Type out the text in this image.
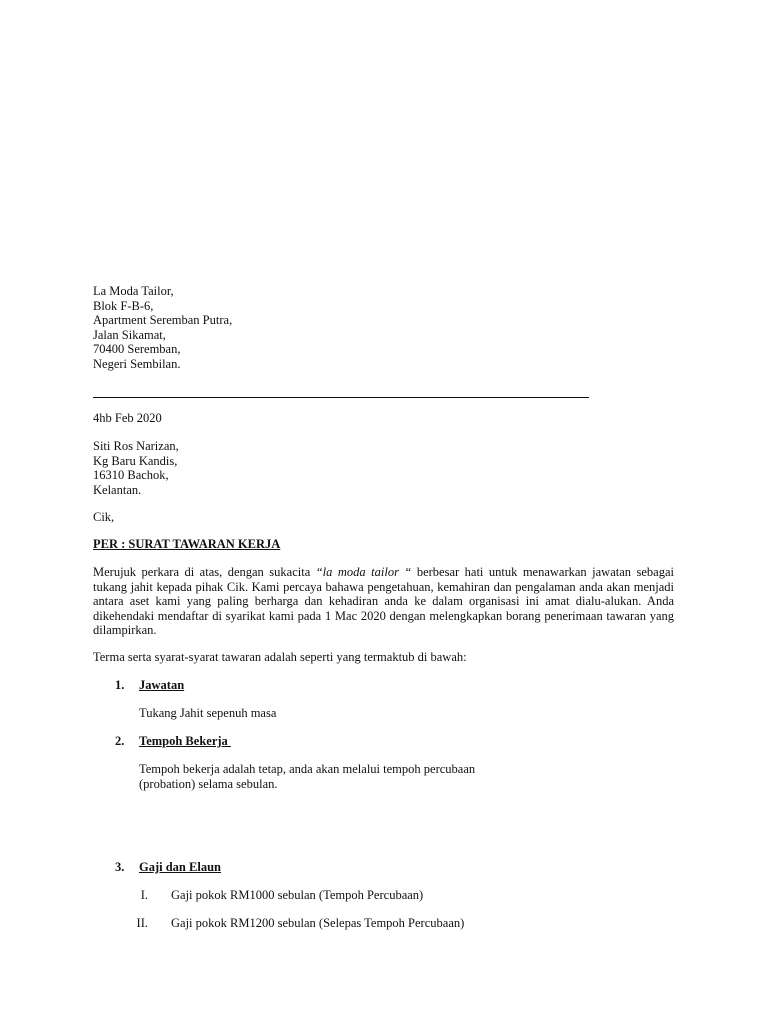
La Moda Tailor,
Blok F-B-6,
Apartment Seremban Putra,
Jalan Sikamat,
70400 Seremban,
Negeri Sembilan.
4hb Feb 2020
Siti Ros Narizan,
Kg Baru Kandis,
16310 Bachok,
Kelantan.
Cik,
PER : SURAT TAWARAN KERJA
Merujuk perkara di atas, dengan sukacita “la moda tailor “ berbesar hati untuk menawarkan jawatan sebagai tukang jahit kepada pihak Cik. Kami percaya bahawa pengetahuan, kemahiran dan pengalaman anda akan menjadi antara aset kami yang paling berharga dan kehadiran anda ke dalam organisasi ini amat dialu-alukan. Anda dikehendaki mendaftar di syarikat kami pada 1 Mac 2020 dengan melengkapkan borang penerimaan tawaran yang dilampirkan.
Terma serta syarat-syarat tawaran adalah seperti yang termaktub di bawah:
1. Jawatan
Tukang Jahit sepenuh masa
2. Tempoh Bekerja
Tempoh bekerja adalah tetap, anda akan melalui tempoh percubaan
(probation) selama sebulan.
3. Gaji dan Elaun
I. Gaji pokok RM1000 sebulan (Tempoh Percubaan)
II. Gaji pokok RM1200 sebulan (Selepas Tempoh Percubaan)
